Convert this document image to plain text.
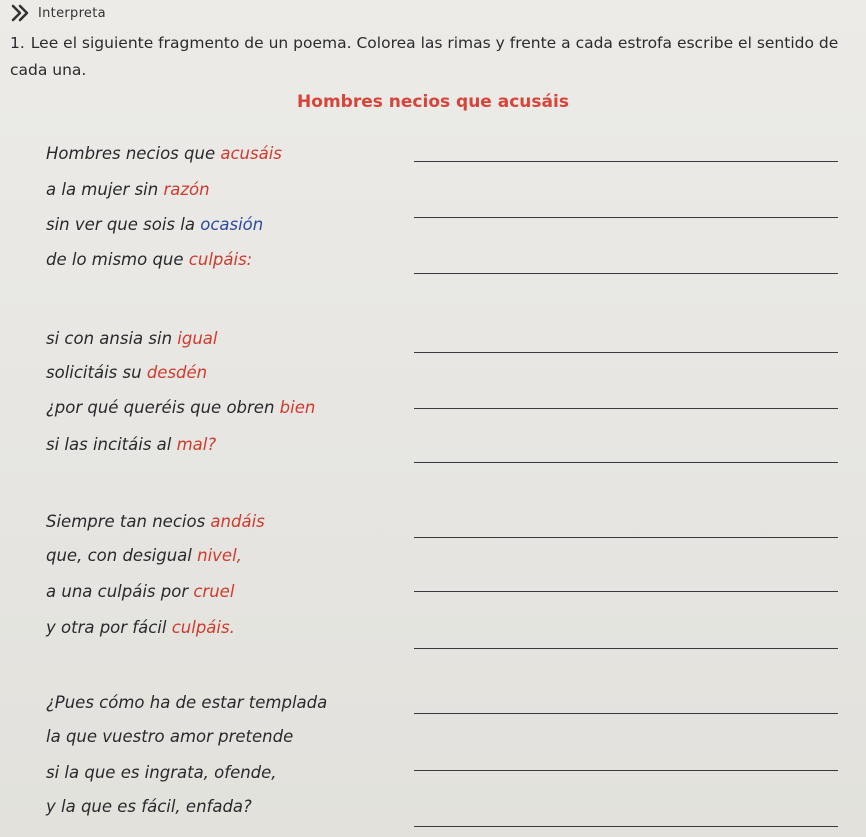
Interpreta
1. Lee el siguiente fragmento de un poema. Colorea las rimas y frente a cada estrofa escribe el sentido de cada una.
Hombres necios que acusáis
Hombres necios que acusáis
a la mujer sin razón
sin ver que sois la ocasión
de lo mismo que culpáis:
si con ansia sin igual
solicitáis su desdén
¿por qué queréis que obren bien
si las incitáis al mal?
Siempre tan necios andáis
que, con desigual nivel,
a una culpáis por cruel
y otra por fácil culpáis.
¿Pues cómo ha de estar templada
la que vuestro amor pretende
si la que es ingrata, ofende,
y la que es fácil, enfada?
